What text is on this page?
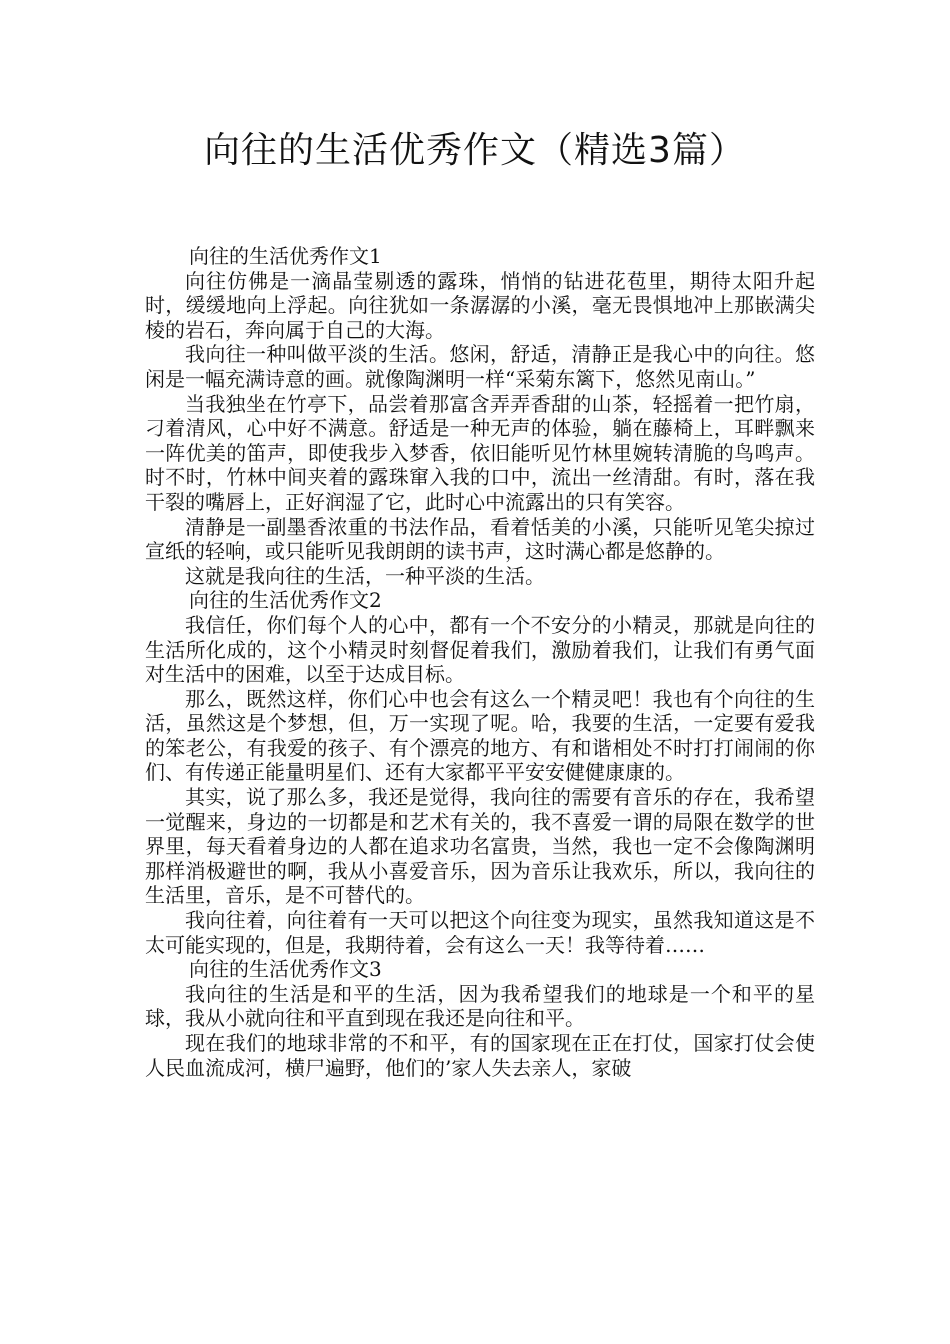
向往的生活优秀作文（精选3篇）
向往的生活优秀作文1

向往仿佛是一滴晶莹剔透的露珠，悄悄的钻进花苞里，期待太阳升起时，缓缓地向上浮起。向往犹如一条潺潺的小溪，毫无畏惧地冲上那嵌满尖棱的岩石，奔向属于自己的大海。

我向往一种叫做平淡的生活。悠闲，舒适，清静正是我心中的向往。悠闲是一幅充满诗意的画。就像陶渊明一样“采菊东篱下，悠然见南山。”

当我独坐在竹亭下，品尝着那富含弄弄香甜的山茶，轻摇着一把竹扇，刁着清风，心中好不满意。舒适是一种无声的体验，躺在藤椅上，耳畔飘来一阵优美的笛声，即使我步入梦香，依旧能听见竹林里婉转清脆的鸟鸣声。时不时，竹林中间夹着的露珠窜入我的口中，流出一丝清甜。有时，落在我干裂的嘴唇上，正好润湿了它，此时心中流露出的只有笑容。

清静是一副墨香浓重的书法作品，看着恬美的小溪，只能听见笔尖掠过宣纸的轻响，或只能听见我朗朗的读书声，这时满心都是悠静的。

这就是我向往的生活，一种平淡的生活。

向往的生活优秀作文2

我信任，你们每个人的心中，都有一个不安分的小精灵，那就是向往的生活所化成的，这个小精灵时刻督促着我们，激励着我们，让我们有勇气面对生活中的困难，以至于达成目标。

那么，既然这样，你们心中也会有这么一个精灵吧！我也有个向往的生活，虽然这是个梦想，但，万一实现了呢。哈，我要的生活，一定要有爱我的笨老公，有我爱的孩子、有个漂亮的地方、有和谐相处不时打打闹闹的你们、有传递正能量明星们、还有大家都平平安安健健康康的。

其实，说了那么多，我还是觉得，我向往的需要有音乐的存在，我希望一觉醒来，身边的一切都是和艺术有关的，我不喜爱一谓的局限在数学的世界里，每天看着身边的人都在追求功名富贵，当然，我也一定不会像陶渊明那样消极避世的啊，我从小喜爱音乐，因为音乐让我欢乐，所以，我向往的生活里，音乐，是不可替代的。

我向往着，向往着有一天可以把这个向往变为现实，虽然我知道这是不太可能实现的，但是，我期待着，会有这么一天！我等待着……

向往的生活优秀作文3

我向往的生活是和平的生活，因为我希望我们的地球是一个和平的星球，我从小就向往和平直到现在我还是向往和平。

现在我们的地球非常的不和平，有的国家现在正在打仗，国家打仗会使人民血流成河，横尸遍野，他们的’家人失去亲人，家破
